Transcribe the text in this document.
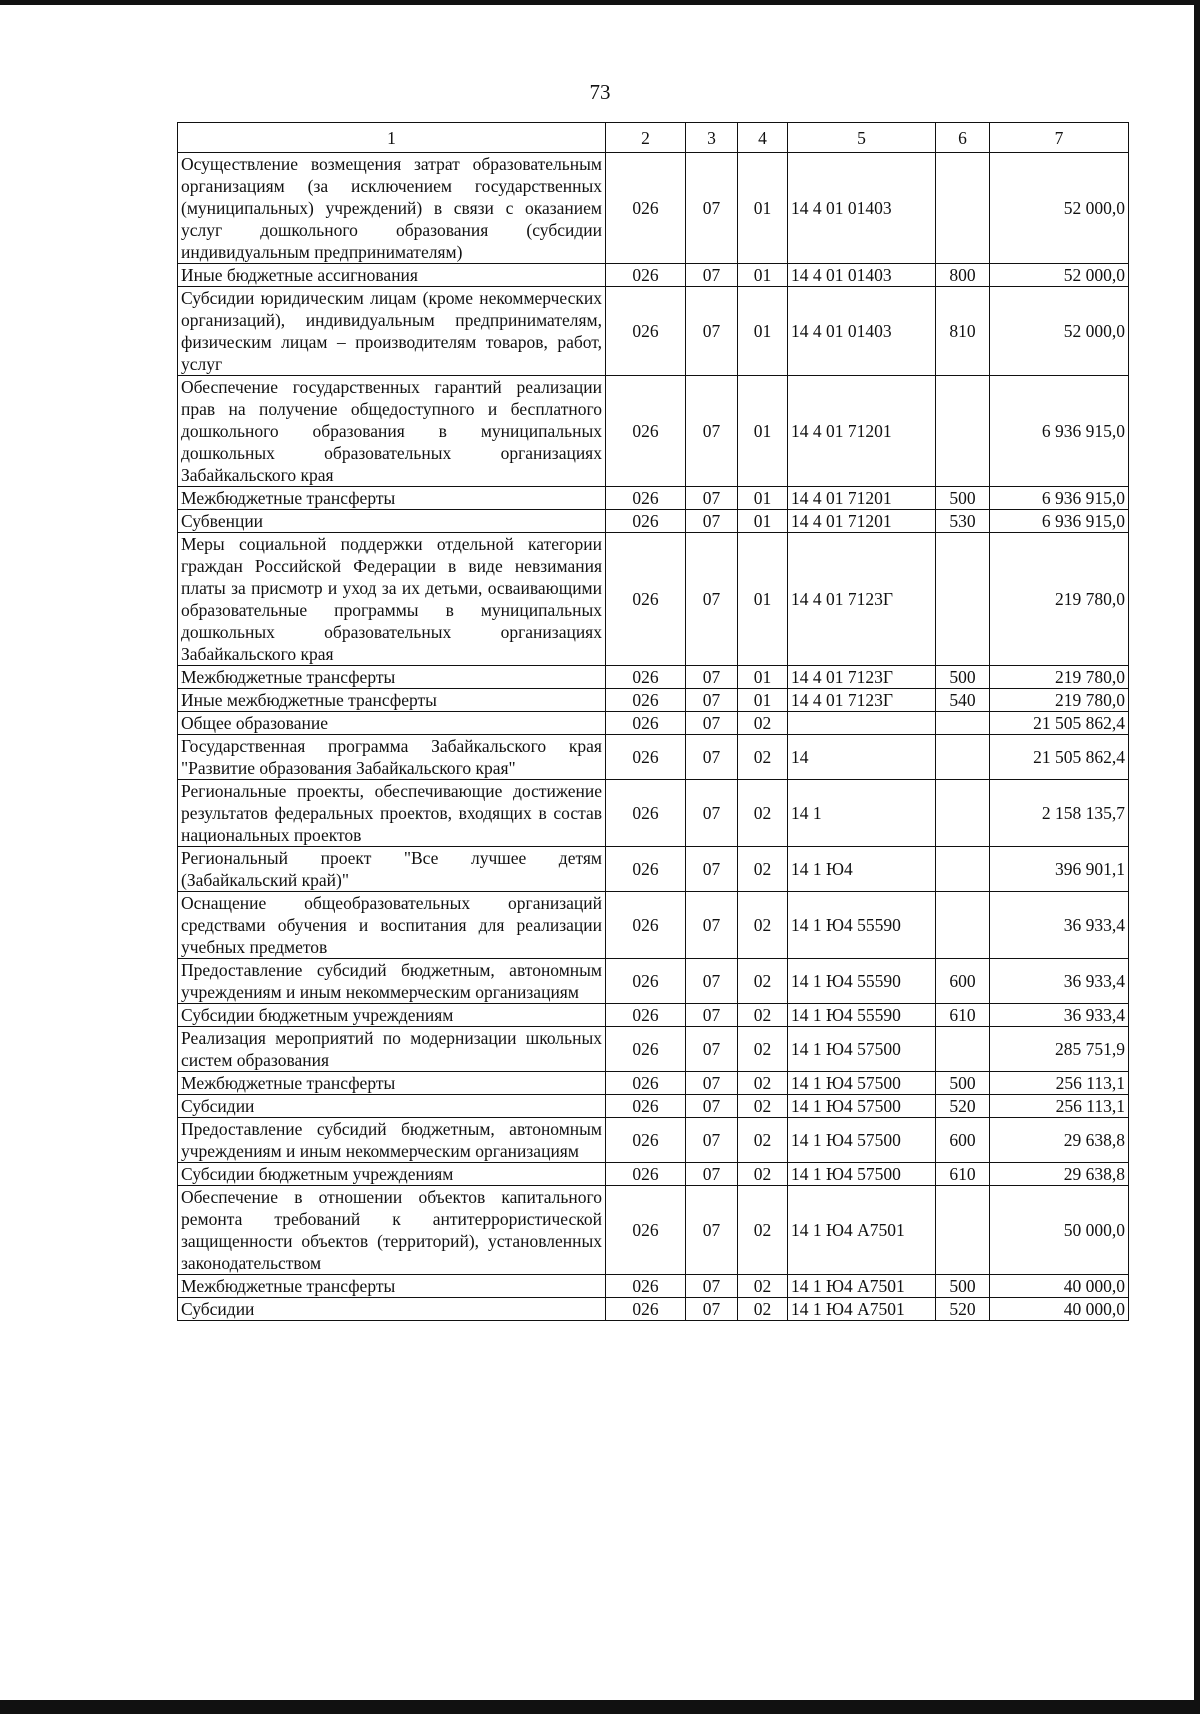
73
1	2	3	4	5	6	7
Осуществление возмещения затрат образовательным организациям (за исключением государственных (муниципальных) учреждений) в связи с оказанием услуг дошкольного образования (субсидии индивидуальным предпринимателям)	026	07	01	14 4 01 01403		52 000,0
Иные бюджетные ассигнования	026	07	01	14 4 01 01403	800	52 000,0
Субсидии юридическим лицам (кроме некоммерческих организаций), индивидуальным предпринимателям, физическим лицам – производителям товаров, работ, услуг	026	07	01	14 4 01 01403	810	52 000,0
Обеспечение государственных гарантий реализации прав на получение общедоступного и бесплатного дошкольного образования в муниципальных дошкольных образовательных организациях Забайкальского края	026	07	01	14 4 01 71201		6 936 915,0
Межбюджетные трансферты	026	07	01	14 4 01 71201	500	6 936 915,0
Субвенции	026	07	01	14 4 01 71201	530	6 936 915,0
Меры социальной поддержки отдельной категории граждан Российской Федерации в виде невзимания платы за присмотр и уход за их детьми, осваивающими образовательные программы в муниципальных дошкольных образовательных организациях Забайкальского края	026	07	01	14 4 01 7123Г		219 780,0
Межбюджетные трансферты	026	07	01	14 4 01 7123Г	500	219 780,0
Иные межбюджетные трансферты	026	07	01	14 4 01 7123Г	540	219 780,0
Общее образование	026	07	02			21 505 862,4
Государственная программа Забайкальского края "Развитие образования Забайкальского края"	026	07	02	14		21 505 862,4
Региональные проекты, обеспечивающие достижение результатов федеральных проектов, входящих в состав национальных проектов	026	07	02	14 1		2 158 135,7
Региональный проект "Все лучшее детям (Забайкальский край)"	026	07	02	14 1 Ю4		396 901,1
Оснащение общеобразовательных организаций средствами обучения и воспитания для реализации учебных предметов	026	07	02	14 1 Ю4 55590		36 933,4
Предоставление субсидий бюджетным, автономным учреждениям и иным некоммерческим организациям	026	07	02	14 1 Ю4 55590	600	36 933,4
Субсидии бюджетным учреждениям	026	07	02	14 1 Ю4 55590	610	36 933,4
Реализация мероприятий по модернизации школьных систем образования	026	07	02	14 1 Ю4 57500		285 751,9
Межбюджетные трансферты	026	07	02	14 1 Ю4 57500	500	256 113,1
Субсидии	026	07	02	14 1 Ю4 57500	520	256 113,1
Предоставление субсидий бюджетным, автономным учреждениям и иным некоммерческим организациям	026	07	02	14 1 Ю4 57500	600	29 638,8
Субсидии бюджетным учреждениям	026	07	02	14 1 Ю4 57500	610	29 638,8
Обеспечение в отношении объектов капитального ремонта требований к антитеррористической защищенности объектов (территорий), установленных законодательством	026	07	02	14 1 Ю4 А7501		50 000,0
Межбюджетные трансферты	026	07	02	14 1 Ю4 А7501	500	40 000,0
Субсидии	026	07	02	14 1 Ю4 А7501	520	40 000,0
